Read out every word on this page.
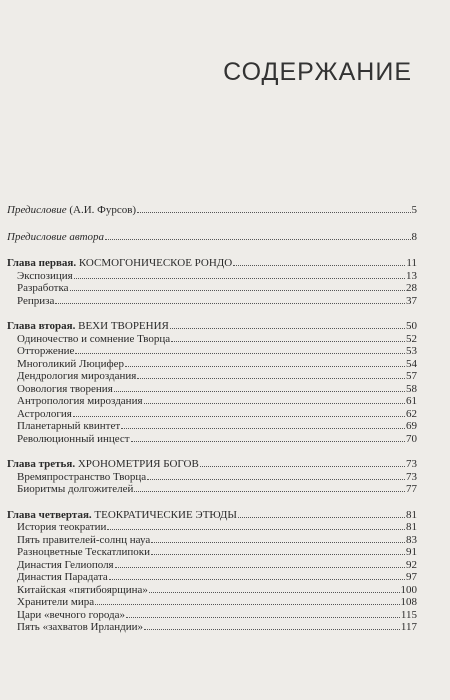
СОДЕРЖАНИЕ
Предисловие (А.И. Фурсов)	5
Предисловие автора	8
Глава первая. КОСМОГОНИЧЕСКОЕ РОНДО	11
Экспозиция	13
Разработка	28
Реприза	37
Глава вторая. ВЕХИ ТВОРЕНИЯ	50
Одиночество и сомнение Творца	52
Отторжение	53
Многоликий Люцифер	54
Дендрология мироздания	57
Оовология творения	58
Антропология мироздания	61
Астрология	62
Планетарный квинтет	69
Революционный инцест	70
Глава третья. ХРОНОМЕТРИЯ БОГОВ	73
Времяпространство Творца	73
Биоритмы долгожителей	77
Глава четвертая. ТЕОКРАТИЧЕСКИЕ ЭТЮДЫ	81
История теократии	81
Пять правителей-солнц науа	83
Разноцветные Тескатлипоки	91
Династия Гелиополя	92
Династия Парадата	97
Китайская «пятибоярщина»	100
Хранители мира	108
Цари «вечного города»	115
Пять «захватов Ирландии»	117
